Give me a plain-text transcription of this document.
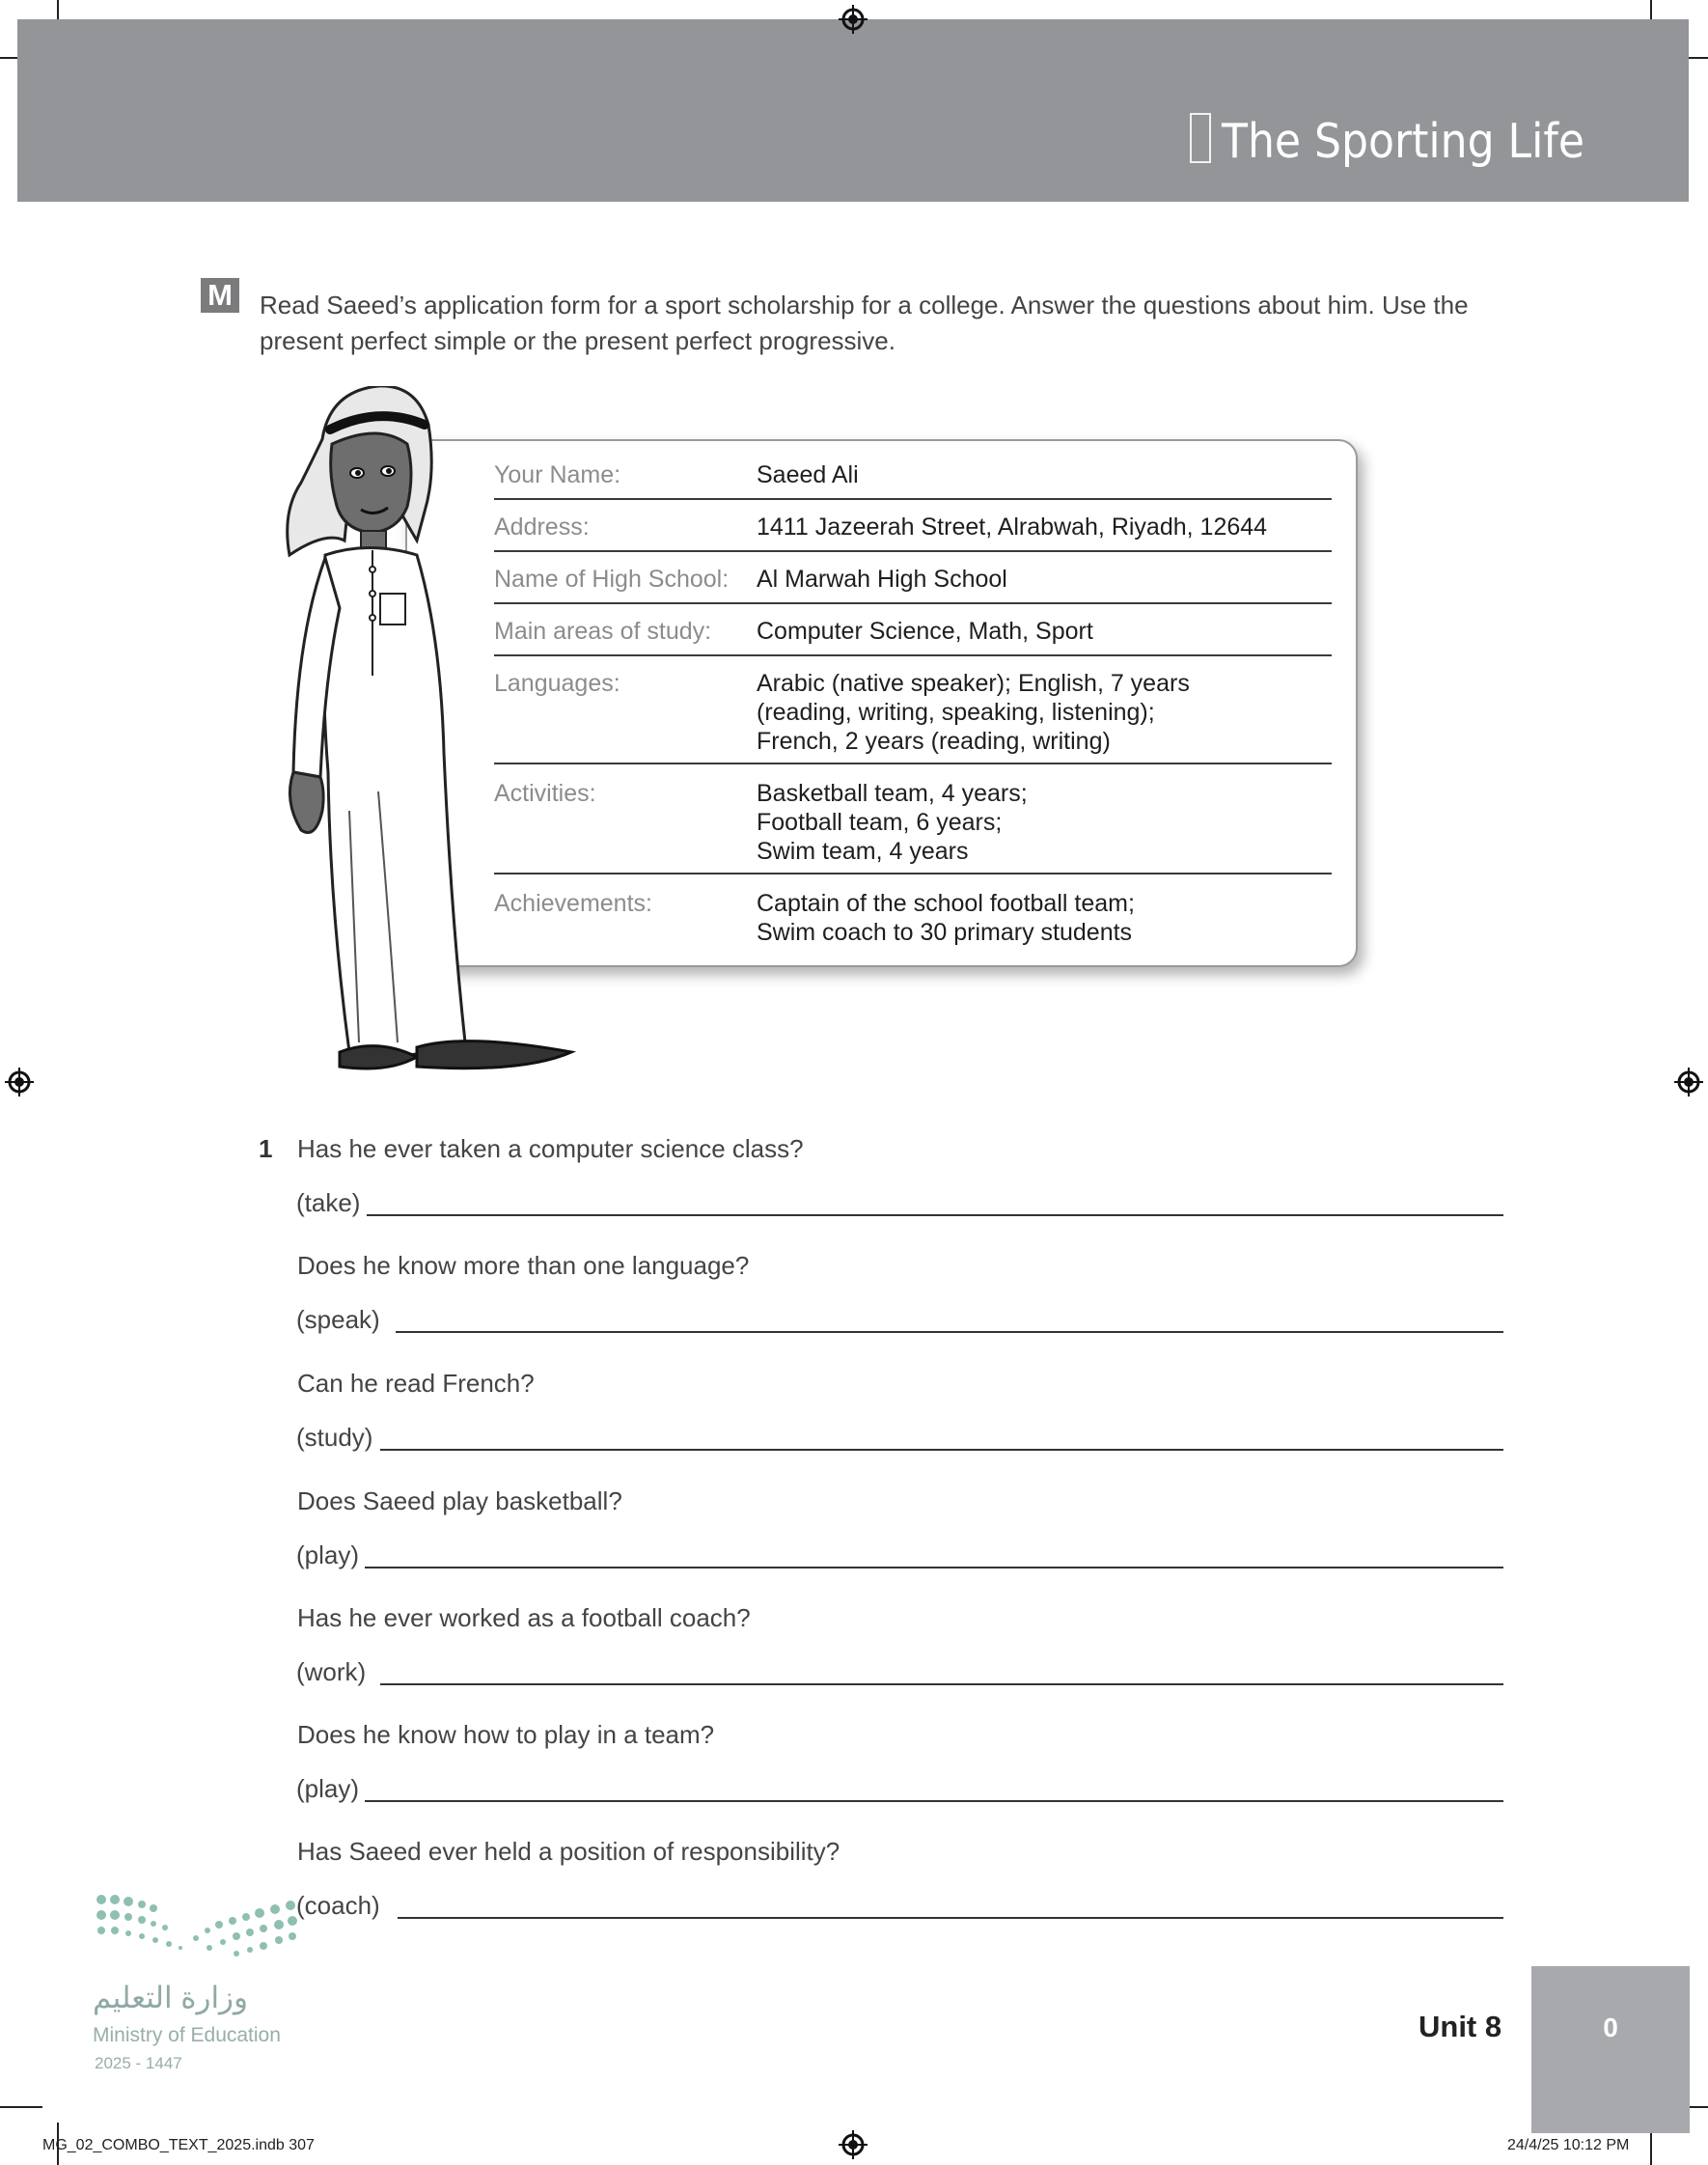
The Sporting Life
M Read Saeed’s application form for a sport scholarship for a college. Answer the questions about him. Use the present perfect simple or the present perfect progressive.
Your Name:	Saeed Ali
Address:	1411 Jazeerah Street, Alrabwah, Riyadh, 12644
Name of High School: Al Marwah High School
Main areas of study: Computer Science, Math, Sport
Languages:	Arabic (native speaker); English, 7 years
(reading, writing, speaking, listening);
French, 2 years (reading, writing)
Activities:	Basketball team, 4 years;
Football team, 6 years;
Swim team, 4 years
Achievements:	Captain of the school football team;
Swim coach to 30 primary students
1 Has he ever taken a computer science class?
(take)
Does he know more than one language?
(speak)
Can he read French?
(study)
Does Saeed play basketball?
(play)
Has he ever worked as a football coach?
(work)
Does he know how to play in a team?
(play)
Has Saeed ever held a position of responsibility?
(coach)
وزارة التعليم
Ministry of Education
2025 - 1447
Unit 8	0
MG_02_COMBO_TEXT_2025.indb 307	24/4/25 10:12 PM
